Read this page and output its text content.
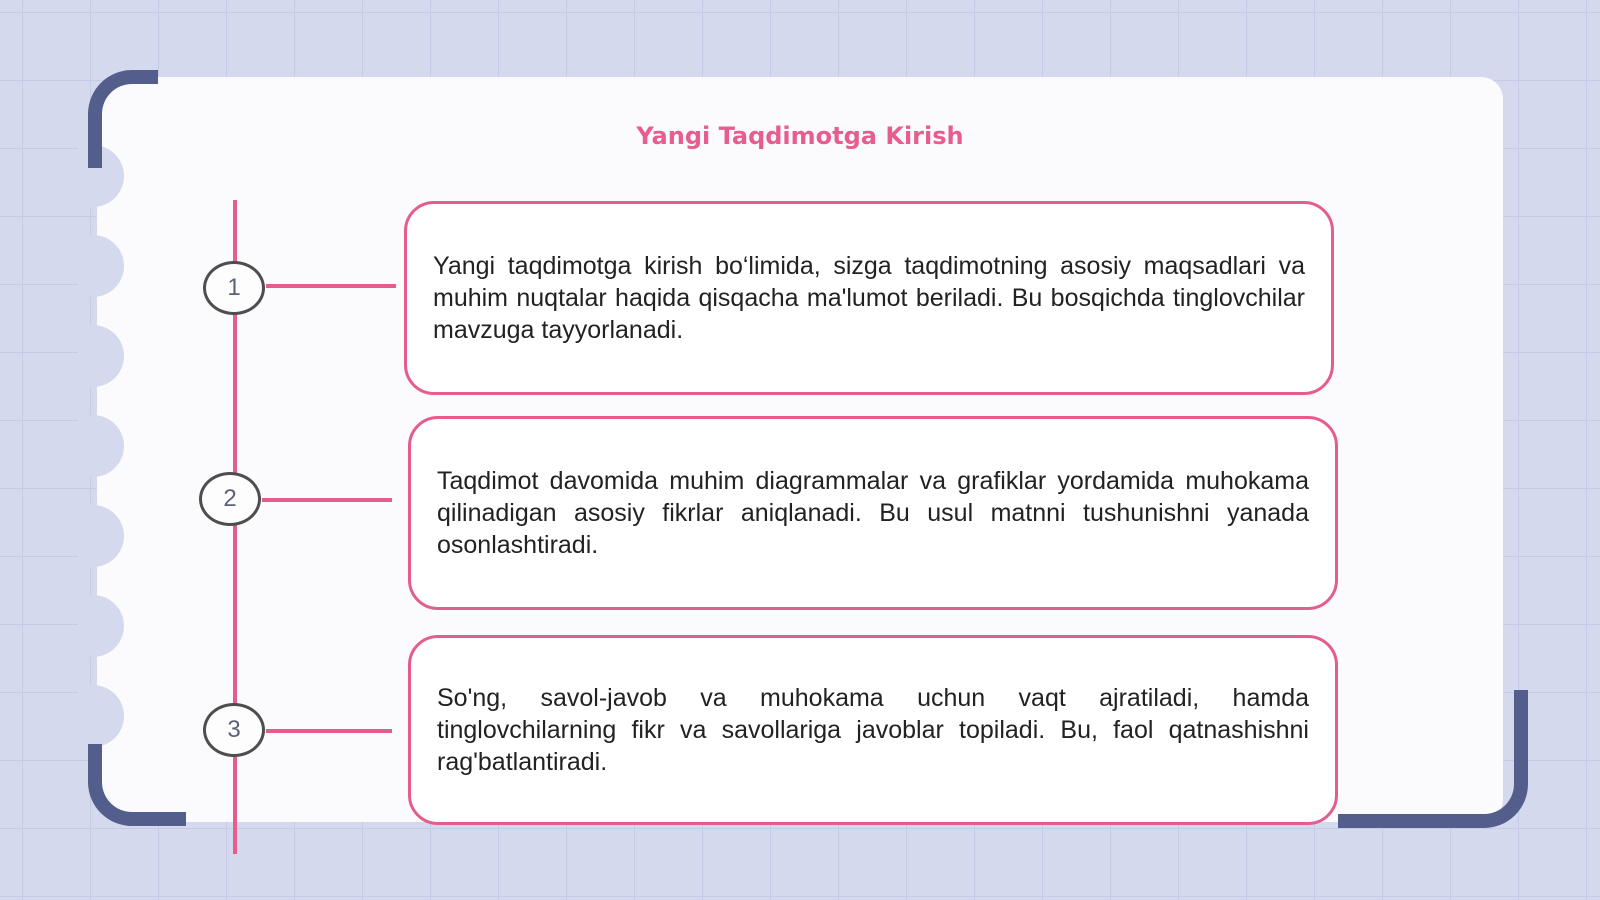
Yangi Taqdimotga Kirish
1
2
3

Yangi taqdimotga kirish bo‘limida, sizga taqdimotning asosiy maqsadlari va muhim nuqtalar haqida qisqacha ma'lumot beriladi. Bu bosqichda tinglovchilar mavzuga tayyorlanadi.

Taqdimot davomida muhim diagrammalar va grafiklar yordamida muhokama qilinadigan asosiy fikrlar aniqlanadi. Bu usul matnni tushunishni yanada osonlashtiradi.

So'ng, savol-javob va muhokama uchun vaqt ajratiladi, hamda tinglovchilarning fikr va savollariga javoblar topiladi. Bu, faol qatnashishni rag'batlantiradi.
